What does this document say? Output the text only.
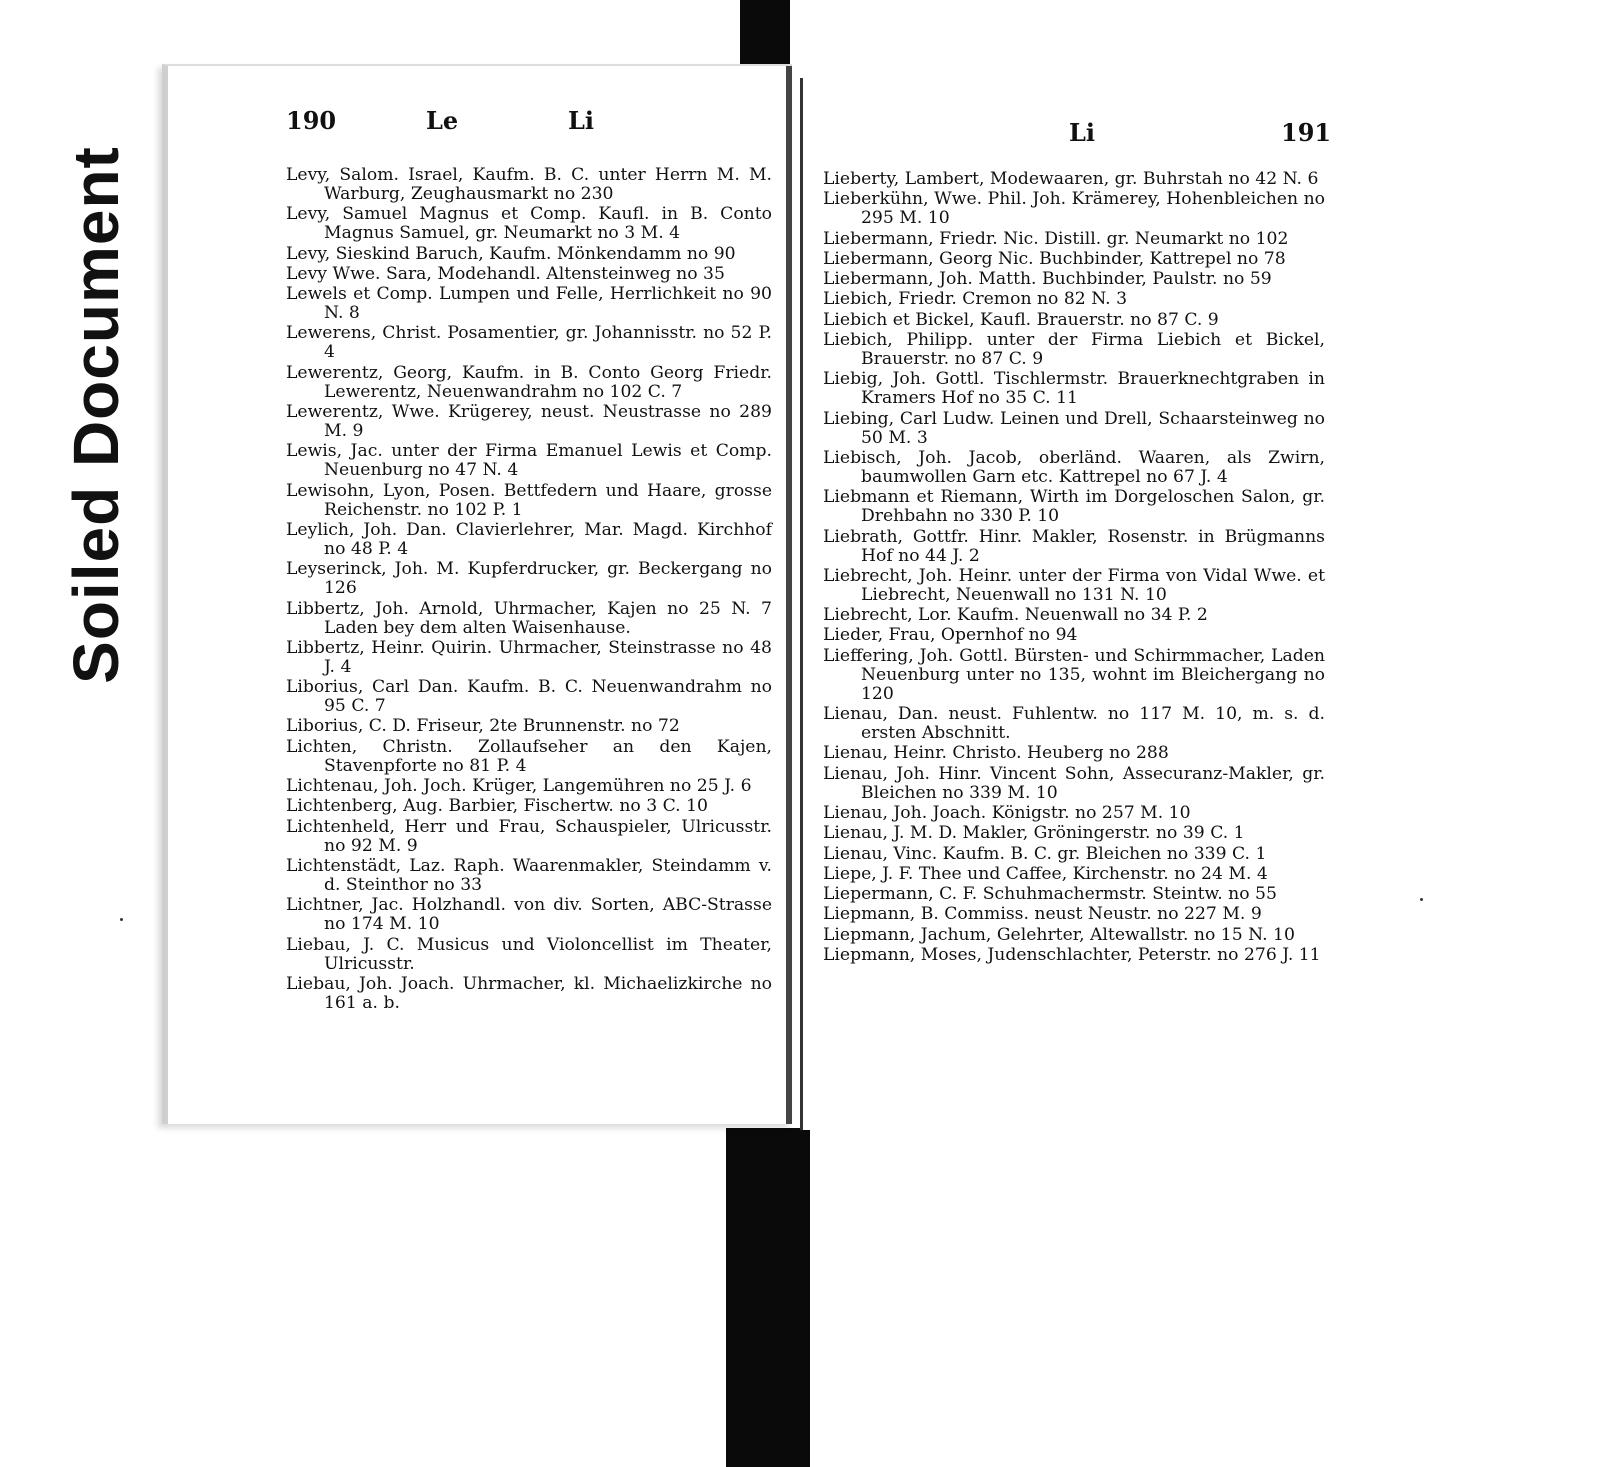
Soiled Document
190	Le	Li
Levy, Salom. Israel, Kaufm. B. C. unter Herrn M. M. Warburg, Zeughausmarkt no 230
Levy, Samuel Magnus et Comp. Kaufl. in B. Conto Magnus Samuel, gr. Neumarkt no 3 M. 4
Levy, Sieskind Baruch, Kaufm. Mönkendamm no 90
Levy Wwe. Sara, Modehandl. Altensteinweg no 35
Lewels et Comp. Lumpen und Felle, Herrlichkeit no 90 N. 8
Lewerens, Christ. Posamentier, gr. Johannisstr. no 52 P. 4
Lewerentz, Georg, Kaufm. in B. Conto Georg Friedr. Lewerentz, Neuenwandrahm no 102 C. 7
Lewerentz, Wwe. Krügerey, neust. Neustrasse no 289 M. 9
Lewis, Jac. unter der Firma Emanuel Lewis et Comp. Neuenburg no 47 N. 4
Lewisohn, Lyon, Posen. Bettfedern und Haare, grosse Reichenstr. no 102 P. 1
Leylich, Joh. Dan. Clavierlehrer, Mar. Magd. Kirchhof no 48 P. 4
Leyserinck, Joh. M. Kupferdrucker, gr. Beckergang no 126
Libbertz, Joh. Arnold, Uhrmacher, Kajen no 25 N. 7 Laden bey dem alten Waisenhause.
Libbertz, Heinr. Quirin. Uhrmacher, Steinstrasse no 48 J. 4
Liborius, Carl Dan. Kaufm. B. C. Neuenwandrahm no 95 C. 7
Liborius, C. D. Friseur, 2te Brunnenstr. no 72
Lichten, Christn. Zollaufseher an den Kajen, Stavenpforte no 81 P. 4
Lichtenau, Joh. Joch. Krüger, Langemühren no 25 J. 6
Lichtenberg, Aug. Barbier, Fischertw. no 3 C. 10
Lichtenheld, Herr und Frau, Schauspieler, Ulricusstr. no 92 M. 9
Lichtenstädt, Laz. Raph. Waarenmakler, Steindamm v. d. Steinthor no 33
Lichtner, Jac. Holzhandl. von div. Sorten, ABC-Strasse no 174 M. 10
Liebau, J. C. Musicus und Violoncellist im Theater, Ulricusstr.
Liebau, Joh. Joach. Uhrmacher, kl. Michaelizkirche no 161 a. b.
Li	191
Lieberty, Lambert, Modewaaren, gr. Buhrstah no 42 N. 6
Lieberkühn, Wwe. Phil. Joh. Krämerey, Hohenbleichen no 295 M. 10
Liebermann, Friedr. Nic. Distill. gr. Neumarkt no 102
Liebermann, Georg Nic. Buchbinder, Kattrepel no 78
Liebermann, Joh. Matth. Buchbinder, Paulstr. no 59
Liebich, Friedr. Cremon no 82 N. 3
Liebich et Bickel, Kaufl. Brauerstr. no 87 C. 9
Liebich, Philipp. unter der Firma Liebich et Bickel, Brauerstr. no 87 C. 9
Liebig, Joh. Gottl. Tischlermstr. Brauerknechtgraben in Kramers Hof no 35 C. 11
Liebing, Carl Ludw. Leinen und Drell, Schaarsteinweg no 50 M. 3
Liebisch, Joh. Jacob, oberländ. Waaren, als Zwirn, baumwollen Garn etc. Kattrepel no 67 J. 4
Liebmann et Riemann, Wirth im Dorgeloschen Salon, gr. Drehbahn no 330 P. 10
Liebrath, Gottfr. Hinr. Makler, Rosenstr. in Brügmanns Hof no 44 J. 2
Liebrecht, Joh. Heinr. unter der Firma von Vidal Wwe. et Liebrecht, Neuenwall no 131 N. 10
Liebrecht, Lor. Kaufm. Neuenwall no 34 P. 2
Lieder, Frau, Opernhof no 94
Lieffering, Joh. Gottl. Bürsten- und Schirmmacher, Laden Neuenburg unter no 135, wohnt im Bleichergang no 120
Lienau, Dan. neust. Fuhlentw. no 117 M. 10, m. s. d. ersten Abschnitt.
Lienau, Heinr. Christo. Heuberg no 288
Lienau, Joh. Hinr. Vincent Sohn, Assecuranz-Makler, gr. Bleichen no 339 M. 10
Lienau, Joh. Joach. Königstr. no 257 M. 10
Lienau, J. M. D. Makler, Gröningerstr. no 39 C. 1
Lienau, Vinc. Kaufm. B. C. gr. Bleichen no 339 C. 1
Liepe, J. F. Thee und Caffee, Kirchenstr. no 24 M. 4
Liepermann, C. F. Schuhmachermstr. Steintw. no 55
Liepmann, B. Commiss. neust Neustr. no 227 M. 9
Liepmann, Jachum, Gelehrter, Altewallstr. no 15 N. 10
Liepmann, Moses, Judenschlachter, Peterstr. no 276 J. 11
